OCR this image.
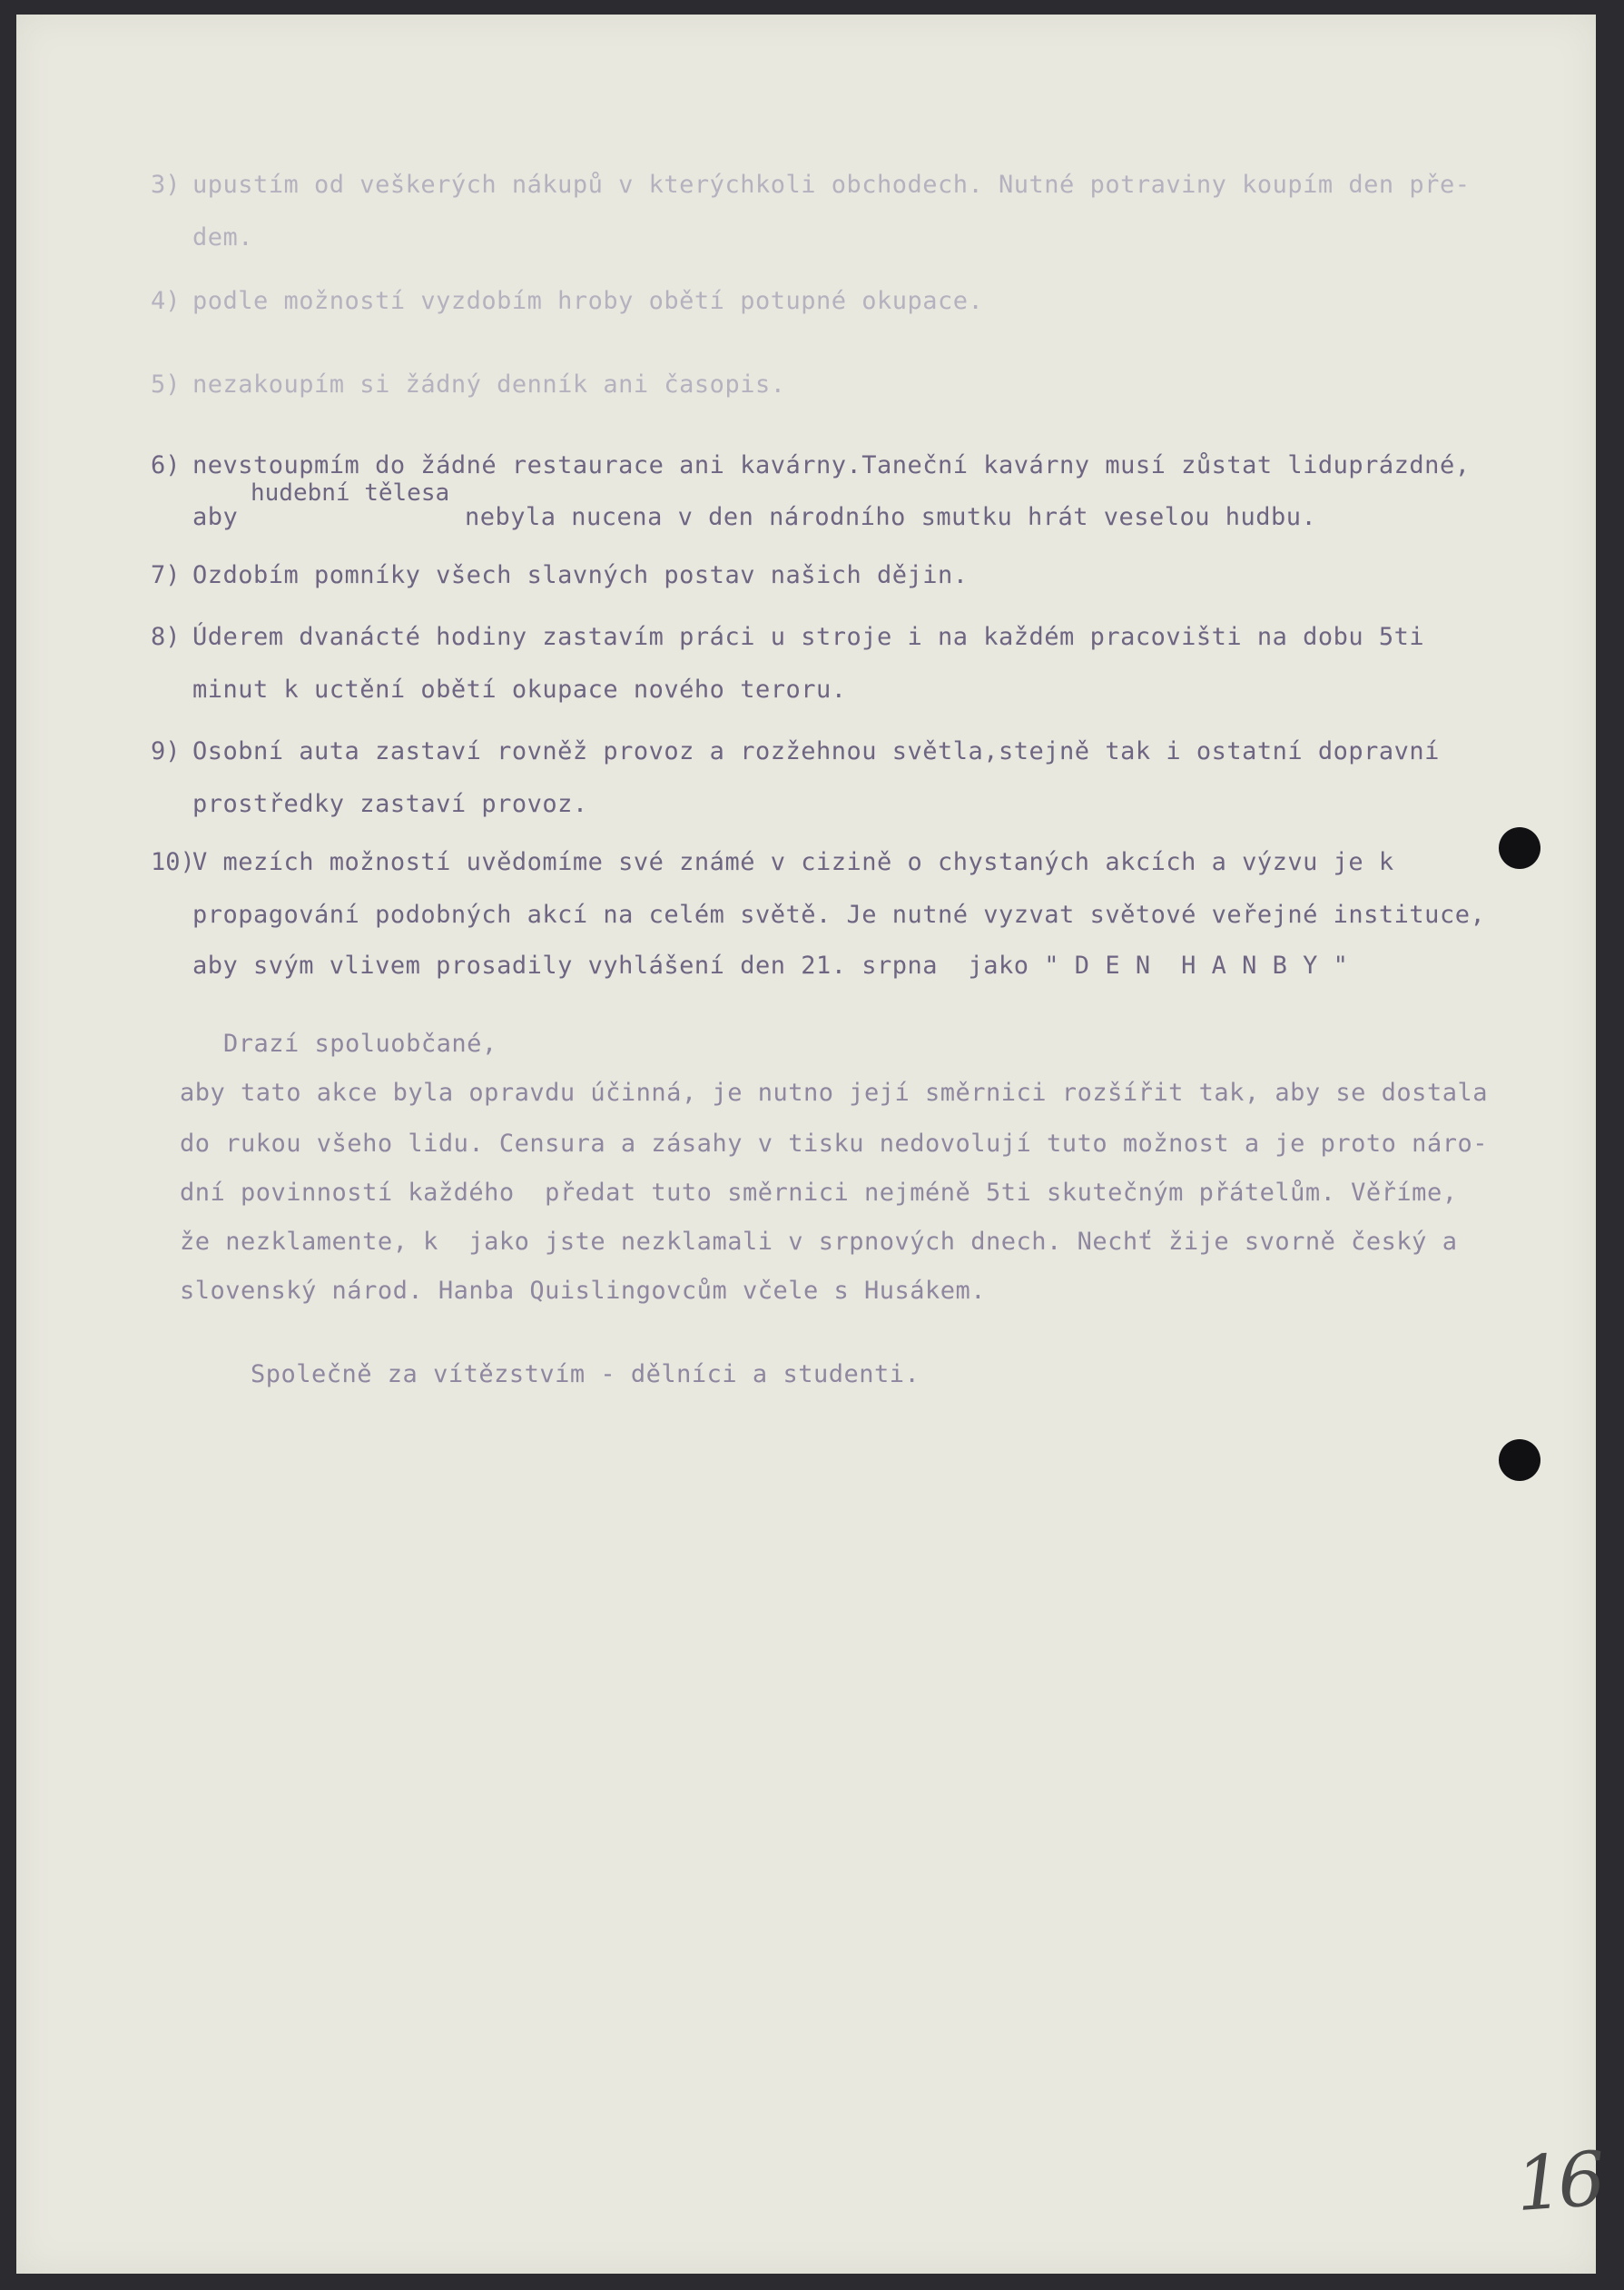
3) upustím od veškerých nákupů v kterýchkoli obchodech. Nutné potraviny koupím den pře-
dem.
4) podle možností vyzdobím hroby obětí potupné okupace.
5) nezakoupím si žádný denník ani časopis.
6) nevstoupmím do žádné restaurace ani kavárny.Taneční kavárny musí zůstat liduprázdné,
aby
hudební tělesa
nebyla nucena v den národního smutku hrát veselou hudbu.
7) Ozdobím pomníky všech slavných postav našich dějin.
8) Úderem dvanácté hodiny zastavím práci u stroje i na každém pracovišti na dobu 5ti
minut k uctění obětí okupace nového teroru.
9) Osobní auta zastaví rovněž provoz a rozžehnou světla,stejně tak i ostatní dopravní
prostředky zastaví provoz.
10)
V mezích možností uvědomíme své známé v cizině o chystaných akcích a výzvu je k
propagování podobných akcí na celém světě. Je nutné vyzvat světové veřejné instituce,
aby svým vlivem prosadily vyhlášení den 21. srpna  jako " D E N  H A N B Y "
Drazí spoluobčané,
aby tato akce byla opravdu účinná, je nutno její směrnici rozšířit tak, aby se dostala
do rukou všeho lidu. Censura a zásahy v tisku nedovolují tuto možnost a je proto náro-
dní povinností každého  předat tuto směrnici nejméně 5ti skutečným přátelům. Věříme,
že nezklamente, k  jako jste nezklamali v srpnových dnech. Nechť žije svorně český a
slovenský národ. Hanba Quislingovcům včele s Husákem.
Společně za vítězstvím - dělníci a studenti.
16
